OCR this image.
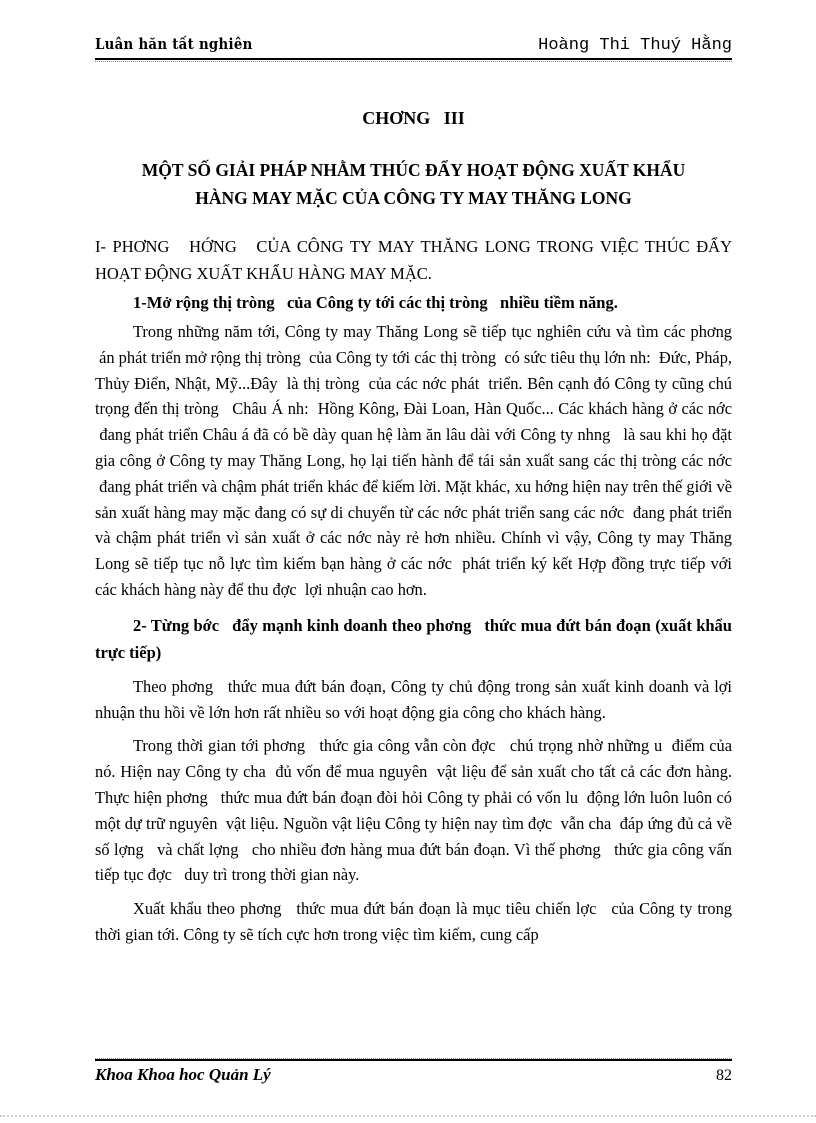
Luân hăn tất nghiên	Hoàng Thi Thuý Hằng
CHƠNG   III
MỘT SỐ GIẢI PHÁP NHẰM THÚC ĐẨY HOẠT ĐỘNG XUẤT KHẨU
HÀNG MAY MẶC CỦA CÔNG TY MAY THĂNG LONG
I- PHƠNG   HỚNG   CỦA CÔNG TY MAY THĂNG LONG TRONG VIỆC THÚC ĐẨY HOẠT ĐỘNG XUẤT KHẨU HÀNG MAY MẶC.
1-Mở rộng thị tròng   của Công ty tới các thị tròng   nhiều tiềm năng.
Trong những năm tới, Công ty may Thăng Long sẽ tiếp tục nghiên cứu và tìm các phơng  án phát triển mở rộng thị tròng  của Công ty tới các thị tròng  có sức tiêu thụ lớn nh:  Đức, Pháp, Thủy Điển, Nhật, Mỹ...Đây  là thị tròng  của các nớc phát  triển. Bên cạnh đó Công ty cũng chú trọng đến thị tròng   Châu Á nh:  Hồng Kông, Đài Loan, Hàn Quốc... Các khách hàng ở các nớc  đang phát triển Châu á đã có bề dày quan hệ làm ăn lâu dài với Công ty nhng   là sau khi họ đặt gia công ở Công ty may Thăng Long, họ lại tiến hành để tái sản xuất sang các thị tròng các nớc  đang phát triển và chậm phát triển khác để kiếm lời. Mặt khác, xu hớng hiện nay trên thế giới về sản xuất hàng may mặc đang có sự di chuyển từ các nớc phát triển sang các nớc  đang phát triển và chậm phát triển vì sản xuất ở các nớc này rẻ hơn nhiều. Chính vì vậy, Công ty may Thăng Long sẽ tiếp tục nỗ lực tìm kiếm bạn hàng ở các nớc  phát triển ký kết Hợp đồng trực tiếp với các khách hàng này để thu đợc  lợi nhuận cao hơn.
2- Từng bớc   đẩy mạnh kinh doanh theo phơng   thức mua đứt bán đoạn (xuất khẩu trực tiếp)
Theo phơng   thức mua đứt bán đoạn, Công ty chủ động trong sản xuất kinh doanh và lợi nhuận thu hồi về lớn hơn rất nhiều so với hoạt động gia công cho khách hàng.
Trong thời gian tới phơng   thức gia công vẫn còn đợc   chú trọng nhờ những u  điểm của nó. Hiện nay Công ty cha  đủ vốn để mua nguyên  vật liệu để sản xuất cho tất cả các đơn hàng. Thực hiện phơng   thức mua đứt bán đoạn đòi hỏi Công ty phải có vốn lu  động lớn luôn luôn có một dự trữ nguyên  vật liệu. Nguồn vật liệu Công ty hiện nay tìm đợc  vẫn cha  đáp ứng đủ cả về số lợng   và chất lợng   cho nhiều đơn hàng mua đứt bán đoạn. Vì thế phơng   thức gia công vấn tiếp tục đợc   duy trì trong thời gian này.
Xuất khẩu theo phơng   thức mua đứt bán đoạn là mục tiêu chiến lợc   của Công ty trong thời gian tới. Công ty sẽ tích cực hơn trong việc tìm kiếm, cung cấp
Khoa Khoa hoc Quản Lý	82
